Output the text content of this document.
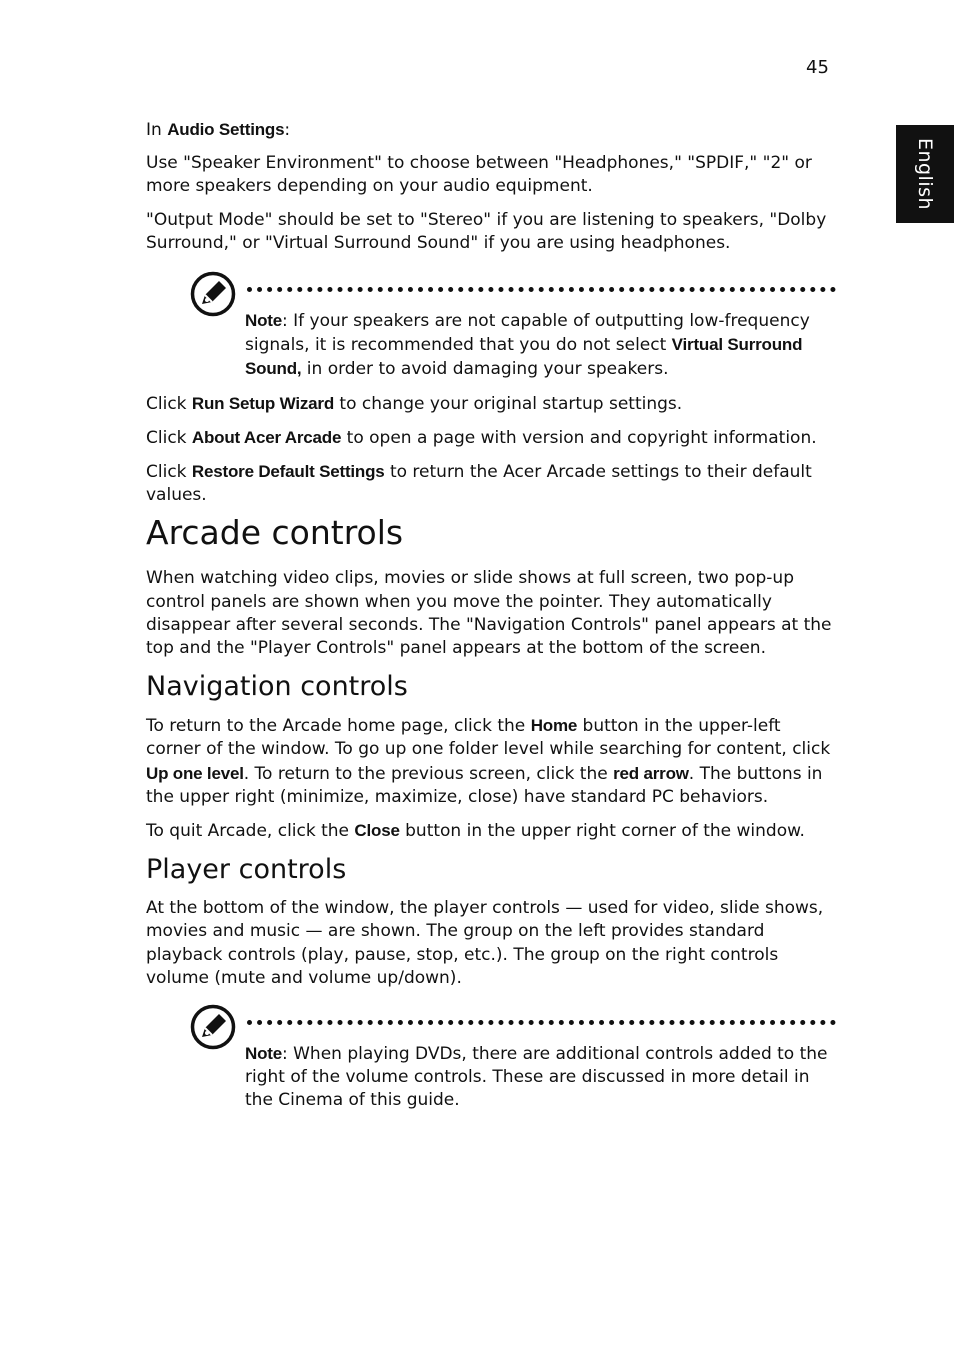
45
English

In Audio Settings:

Use "Speaker Environment" to choose between "Headphones," "SPDIF," "2" or more speakers depending on your audio equipment.

"Output Mode" should be set to "Stereo" if you are listening to speakers, "Dolby Surround," or "Virtual Surround Sound" if you are using headphones.

Note: If your speakers are not capable of outputting low-frequency signals, it is recommended that you do not select Virtual Surround Sound, in order to avoid damaging your speakers.

Click Run Setup Wizard to change your original startup settings.

Click About Acer Arcade to open a page with version and copyright information.

Click Restore Default Settings to return the Acer Arcade settings to their default values.

Arcade controls

When watching video clips, movies or slide shows at full screen, two pop-up control panels are shown when you move the pointer. They automatically disappear after several seconds. The "Navigation Controls" panel appears at the top and the "Player Controls" panel appears at the bottom of the screen.

Navigation controls

To return to the Arcade home page, click the Home button in the upper-left corner of the window. To go up one folder level while searching for content, click Up one level. To return to the previous screen, click the red arrow. The buttons in the upper right (minimize, maximize, close) have standard PC behaviors.

To quit Arcade, click the Close button in the upper right corner of the window.

Player controls

At the bottom of the window, the player controls — used for video, slide shows, movies and music — are shown. The group on the left provides standard playback controls (play, pause, stop, etc.). The group on the right controls volume (mute and volume up/down).

Note: When playing DVDs, there are additional controls added to the right of the volume controls. These are discussed in more detail in the Cinema of this guide.
